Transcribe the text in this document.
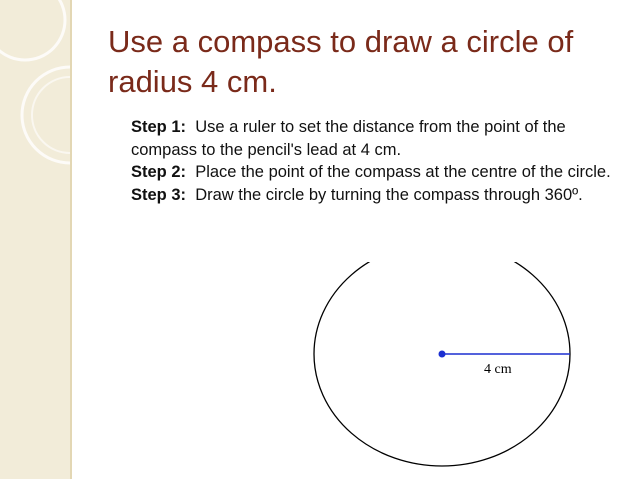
Use a compass to draw a circle of radius 4 cm.

Step 1: Use a ruler to set the distance from the point of the compass to the pencil's lead at 4 cm.

Step 2: Place the point of the compass at the centre of the circle.

Step 3: Draw the circle by turning the compass through 360º.

4 cm
